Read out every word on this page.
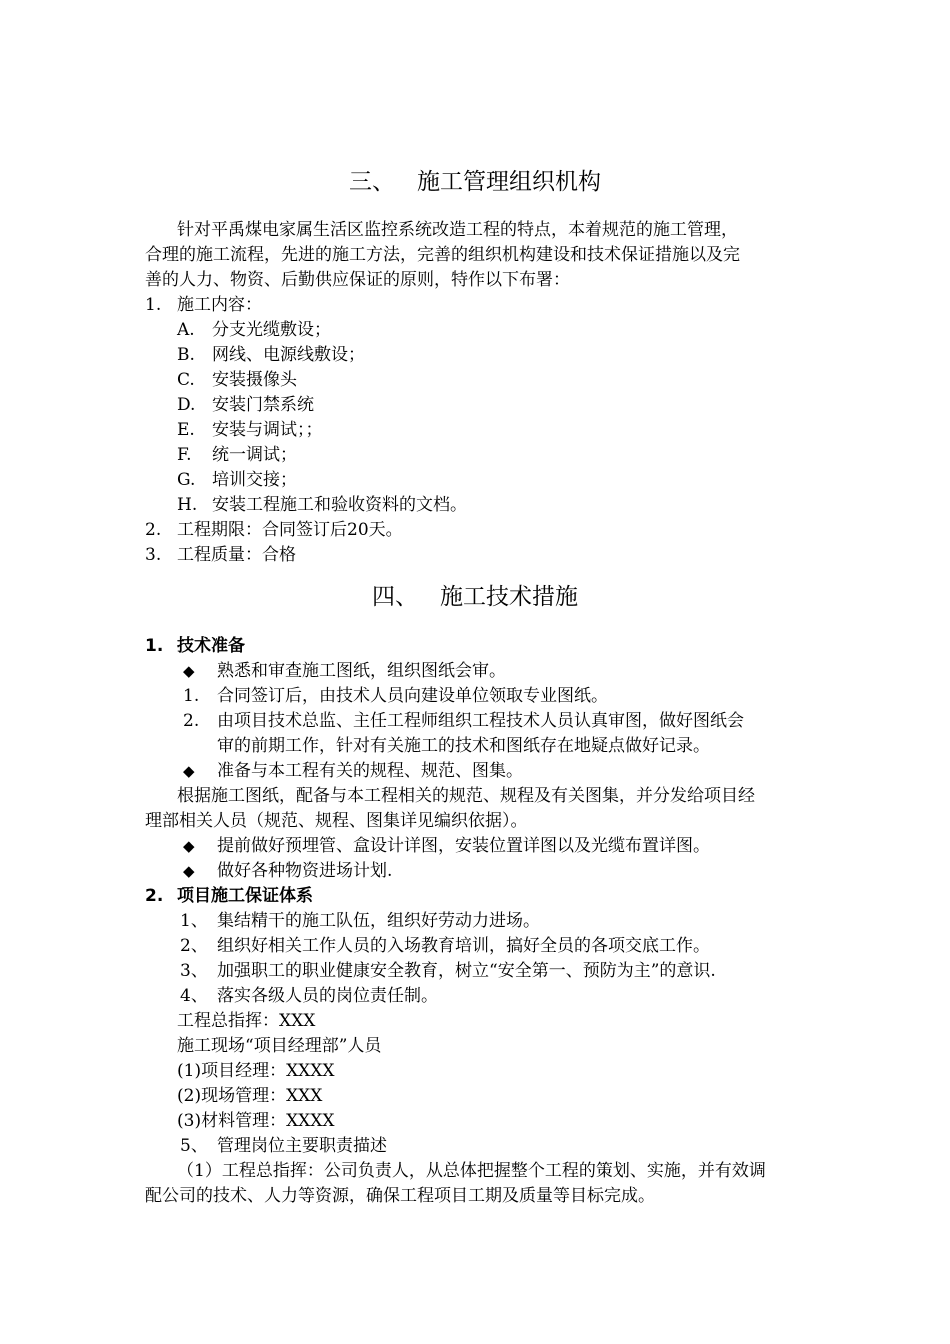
三、 施工管理组织机构
针对平禹煤电家属生活区监控系统改造工程的特点，本着规范的施工管理，
合理的施工流程，先进的施工方法，完善的组织机构建设和技术保证措施以及完
善的人力、物资、后勤供应保证的原则，特作以下布署：
1. 施工内容：
A. 分支光缆敷设；
B. 网线、电源线敷设；
C. 安装摄像头
D. 安装门禁系统
E. 安装与调试；；
F. 统一调试；
G. 培训交接；
H. 安装工程施工和验收资料的文档。
2. 工程期限：合同签订后20天。
3. 工程质量：合格
四、 施工技术措施
1. 技术准备
◆ 熟悉和审查施工图纸，组织图纸会审。
1. 合同签订后，由技术人员向建设单位领取专业图纸。
2. 由项目技术总监、主任工程师组织工程技术人员认真审图，做好图纸会
审的前期工作，针对有关施工的技术和图纸存在地疑点做好记录。
◆ 准备与本工程有关的规程、规范、图集。
根据施工图纸，配备与本工程相关的规范、规程及有关图集，并分发给项目经
理部相关人员（规范、规程、图集详见编织依据）。
◆ 提前做好预埋管、盒设计详图，安装位置详图以及光缆布置详图。
◆ 做好各种物资进场计划.
2. 项目施工保证体系
1、 集结精干的施工队伍，组织好劳动力进场。
2、 组织好相关工作人员的入场教育培训，搞好全员的各项交底工作。
3、 加强职工的职业健康安全教育，树立“安全第一、预防为主”的意识.
4、 落实各级人员的岗位责任制。
工程总指挥：XXX
施工现场“项目经理部”人员
(1)项目经理：XXXX
(2)现场管理：XXX
(3)材料管理：XXXX
5、 管理岗位主要职责描述
（1）工程总指挥：公司负责人，从总体把握整个工程的策划、实施，并有效调
配公司的技术、人力等资源，确保工程项目工期及质量等目标完成。
